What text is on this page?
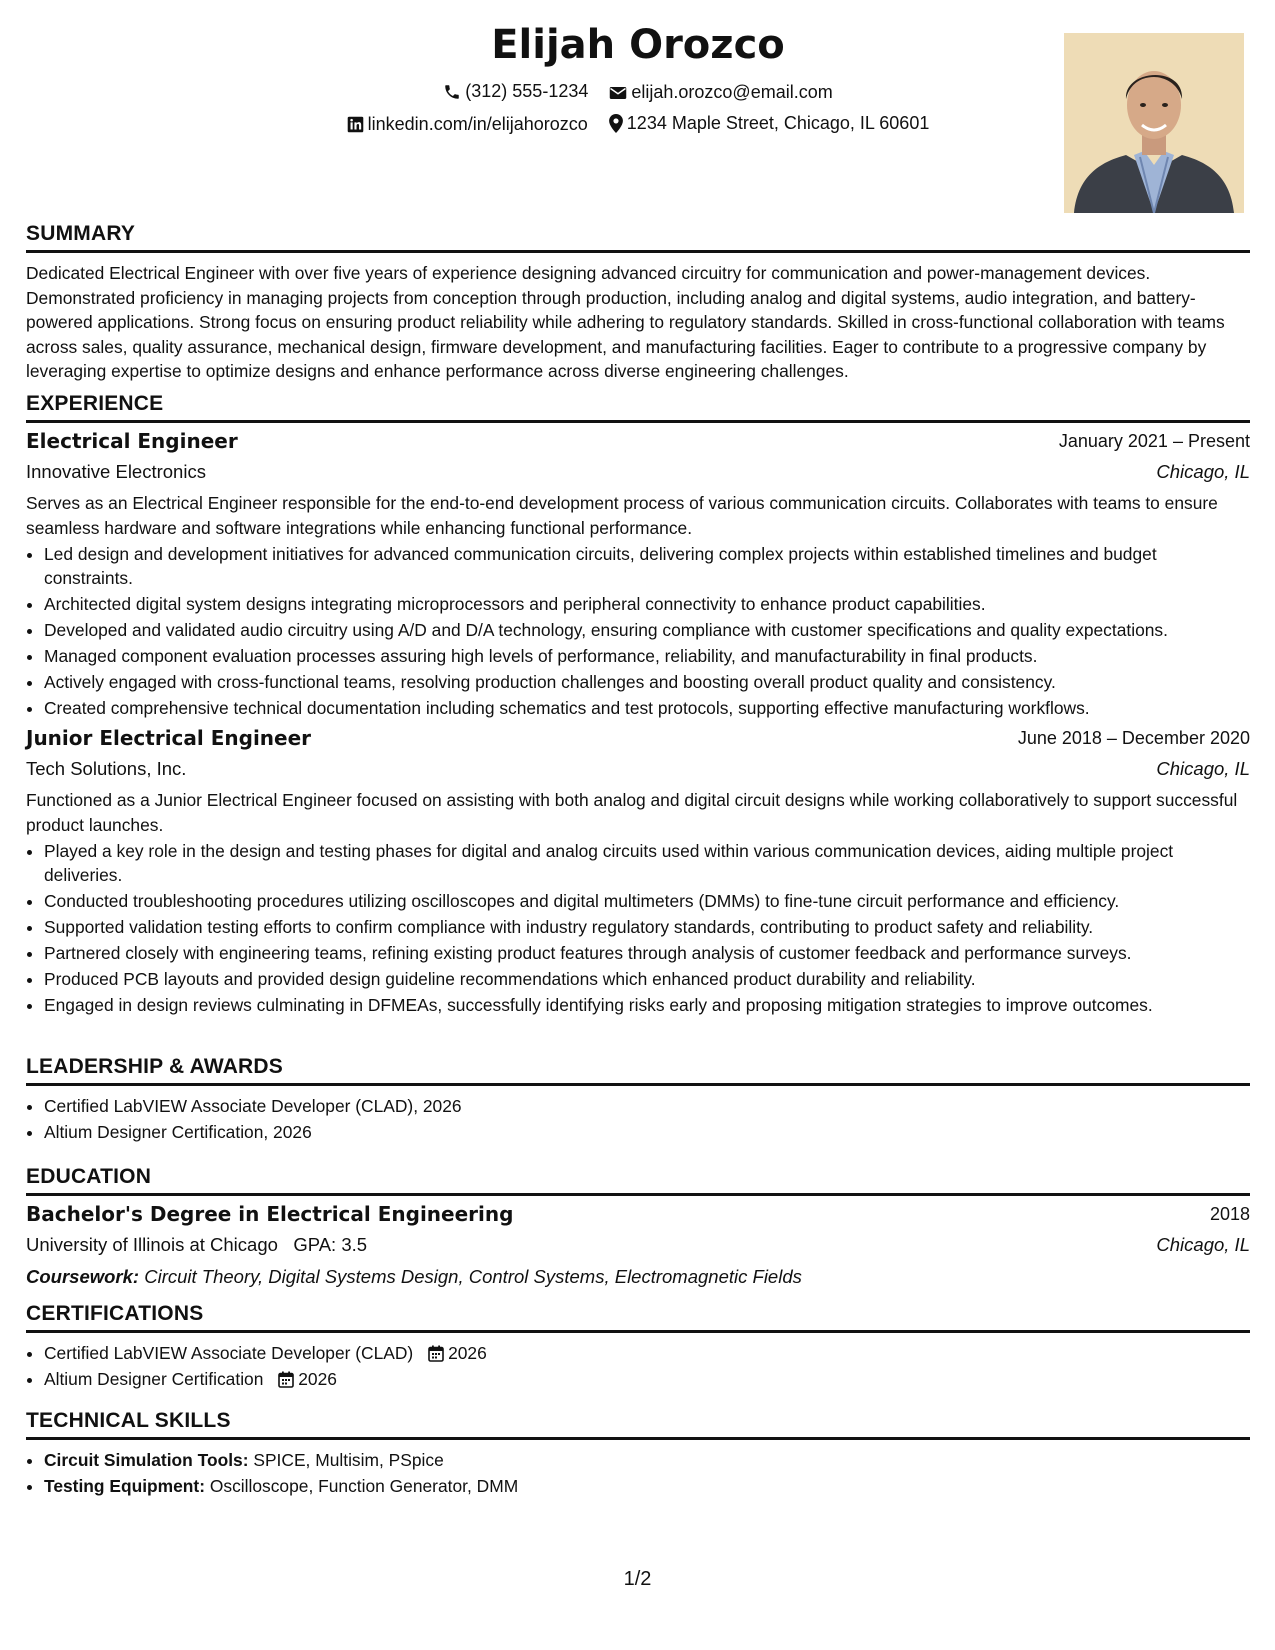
Elijah Orozco
(312) 555-1234
elijah.orozco@email.com
linkedin.com/in/elijahorozco
1234 Maple Street, Chicago, IL 60601
SUMMARY

Dedicated Electrical Engineer with over five years of experience designing advanced circuitry for communication and power-management devices. Demonstrated proficiency in managing projects from conception through production, including analog and digital systems, audio integration, and battery-powered applications. Strong focus on ensuring product reliability while adhering to regulatory standards. Skilled in cross-functional collaboration with teams across sales, quality assurance, mechanical design, firmware development, and manufacturing facilities. Eager to contribute to a progressive company by leveraging expertise to optimize designs and enhance performance across diverse engineering challenges.

EXPERIENCE
Electrical Engineer	January 2021 – Present
Innovative Electronics	Chicago, IL

Serves as an Electrical Engineer responsible for the end-to-end development process of various communication circuits. Collaborates with teams to ensure seamless hardware and software integrations while enhancing functional performance.

• Led design and development initiatives for advanced communication circuits, delivering complex projects within established timelines and budget constraints.
• Architected digital system designs integrating microprocessors and peripheral connectivity to enhance product capabilities.
• Developed and validated audio circuitry using A/D and D/A technology, ensuring compliance with customer specifications and quality expectations.
• Managed component evaluation processes assuring high levels of performance, reliability, and manufacturability in final products.
• Actively engaged with cross-functional teams, resolving production challenges and boosting overall product quality and consistency.
• Created comprehensive technical documentation including schematics and test protocols, supporting effective manufacturing workflows.
Junior Electrical Engineer	June 2018 – December 2020
Tech Solutions, Inc.	Chicago, IL

Functioned as a Junior Electrical Engineer focused on assisting with both analog and digital circuit designs while working collaboratively to support successful product launches.

• Played a key role in the design and testing phases for digital and analog circuits used within various communication devices, aiding multiple project deliveries.
• Conducted troubleshooting procedures utilizing oscilloscopes and digital multimeters (DMMs) to fine-tune circuit performance and efficiency.
• Supported validation testing efforts to confirm compliance with industry regulatory standards, contributing to product safety and reliability.
• Partnered closely with engineering teams, refining existing product features through analysis of customer feedback and performance surveys.
• Produced PCB layouts and provided design guideline recommendations which enhanced product durability and reliability.
• Engaged in design reviews culminating in DFMEAs, successfully identifying risks early and proposing mitigation strategies to improve outcomes.
LEADERSHIP & AWARDS
• Certified LabVIEW Associate Developer (CLAD), 2026
• Altium Designer Certification, 2026
EDUCATION
Bachelor's Degree in Electrical Engineering	2018
University of Illinois at Chicago GPA: 3.5	Chicago, IL
Coursework: Circuit Theory, Digital Systems Design, Control Systems, Electromagnetic Fields
CERTIFICATIONS
• Certified LabVIEW Associate Developer (CLAD) 2026
• Altium Designer Certification 2026
TECHNICAL SKILLS
• Circuit Simulation Tools: SPICE, Multisim, PSpice
• Testing Equipment: Oscilloscope, Function Generator, DMM
1/2
